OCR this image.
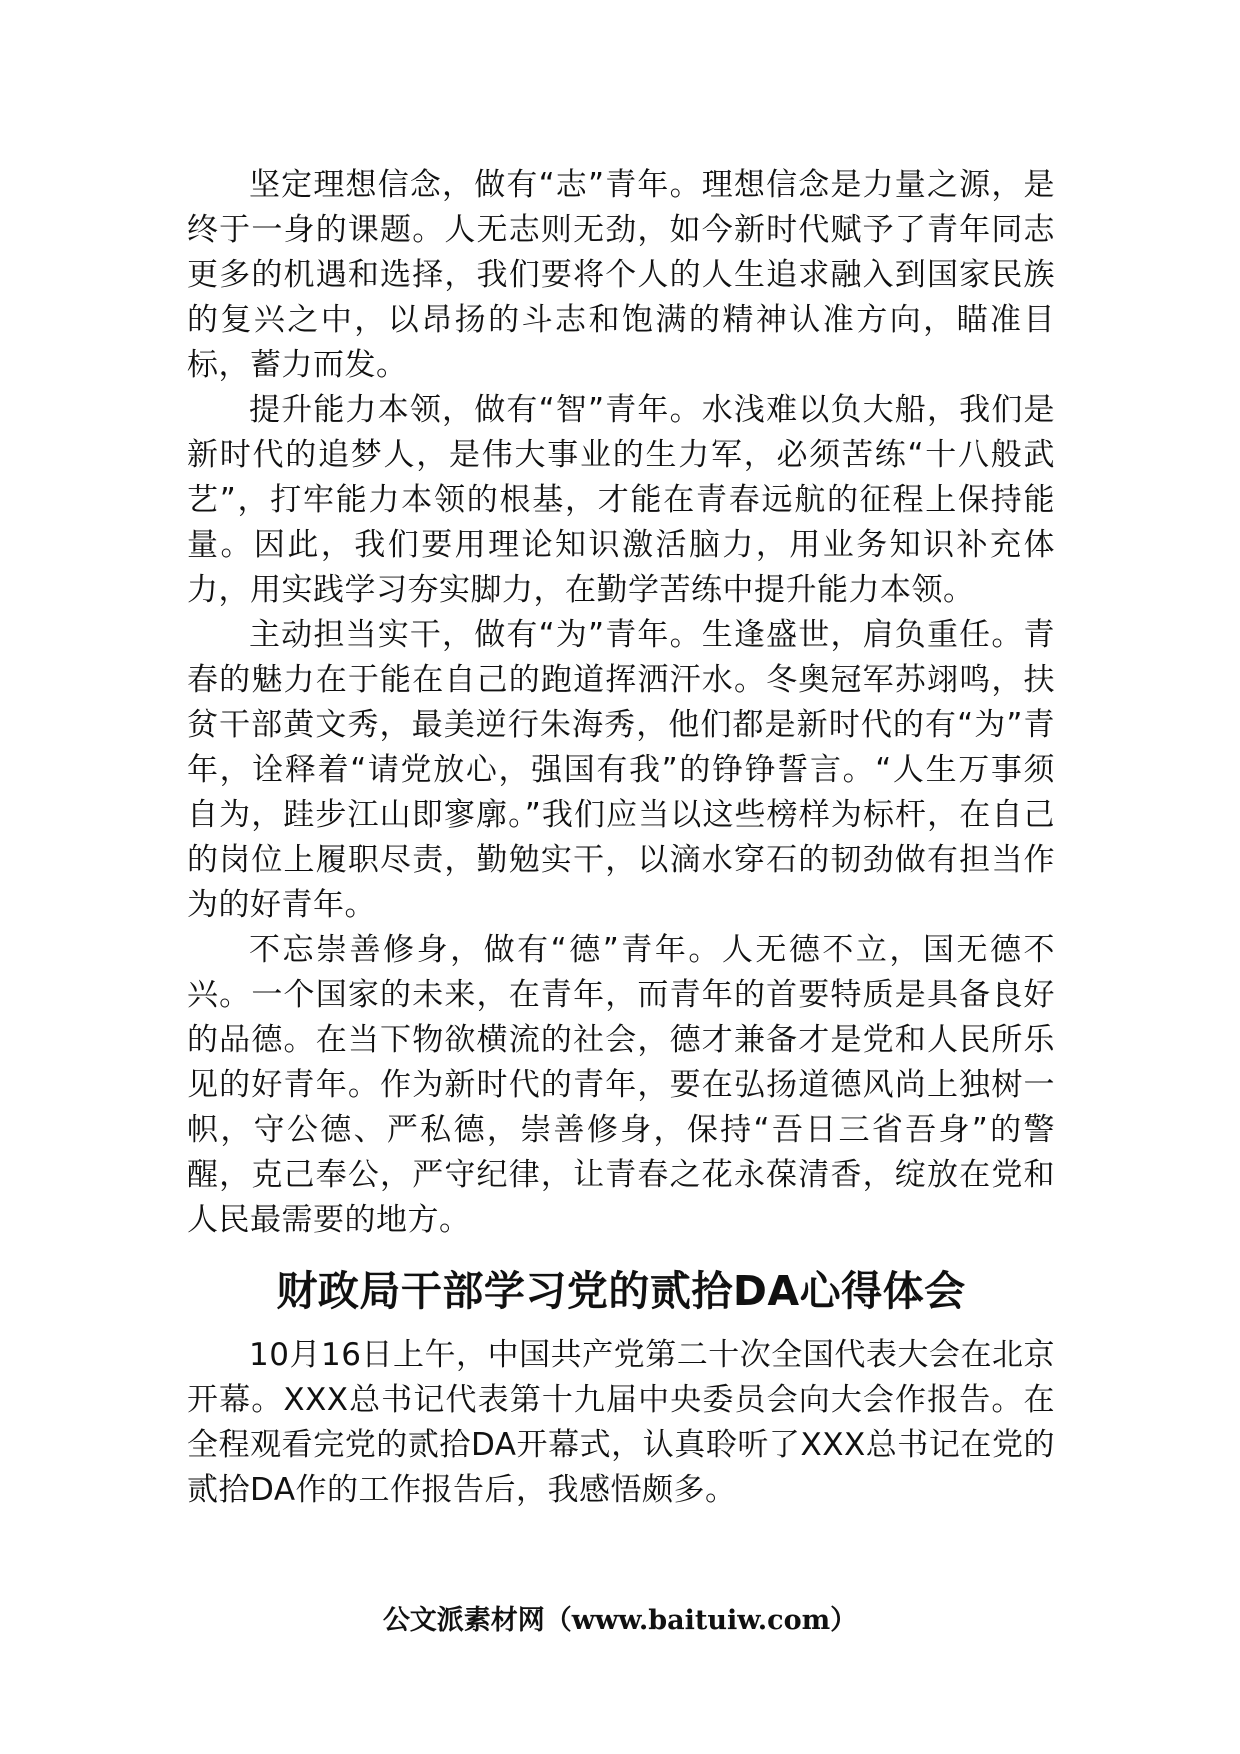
坚定理想信念，做有“志”青年。理想信念是力量之源，是终于一身的课题。人无志则无劲，如今新时代赋予了青年同志更多的机遇和选择，我们要将个人的人生追求融入到国家民族的复兴之中，以昂扬的斗志和饱满的精神认准方向，瞄准目标，蓄力而发。

提升能力本领，做有“智”青年。水浅难以负大船，我们是新时代的追梦人，是伟大事业的生力军，必须苦练“十八般武艺”，打牢能力本领的根基，才能在青春远航的征程上保持能量。因此，我们要用理论知识激活脑力，用业务知识补充体力，用实践学习夯实脚力，在勤学苦练中提升能力本领。

主动担当实干，做有“为”青年。生逢盛世，肩负重任。青春的魅力在于能在自己的跑道挥洒汗水。冬奥冠军苏翊鸣，扶贫干部黄文秀，最美逆行朱海秀，他们都是新时代的有“为”青年，诠释着“请党放心，强国有我”的铮铮誓言。“人生万事须自为，跬步江山即寥廓。”我们应当以这些榜样为标杆，在自己的岗位上履职尽责，勤勉实干，以滴水穿石的韧劲做有担当作为的好青年。

不忘崇善修身，做有“德”青年。人无德不立，国无德不兴。一个国家的未来，在青年，而青年的首要特质是具备良好的品德。在当下物欲横流的社会，德才兼备才是党和人民所乐见的好青年。作为新时代的青年，要在弘扬道德风尚上独树一帜，守公德、严私德，崇善修身，保持“吾日三省吾身”的警醒，克己奉公，严守纪律，让青春之花永葆清香，绽放在党和人民最需要的地方。

财政局干部学习党的贰拾DA心得体会

10月16日上午，中国共产党第二十次全国代表大会在北京开幕。XXX总书记代表第十九届中央委员会向大会作报告。在全程观看完党的贰拾DA开幕式，认真聆听了XXX总书记在党的贰拾DA作的工作报告后，我感悟颇多。

公文派素材网（www.baituiw.com）
